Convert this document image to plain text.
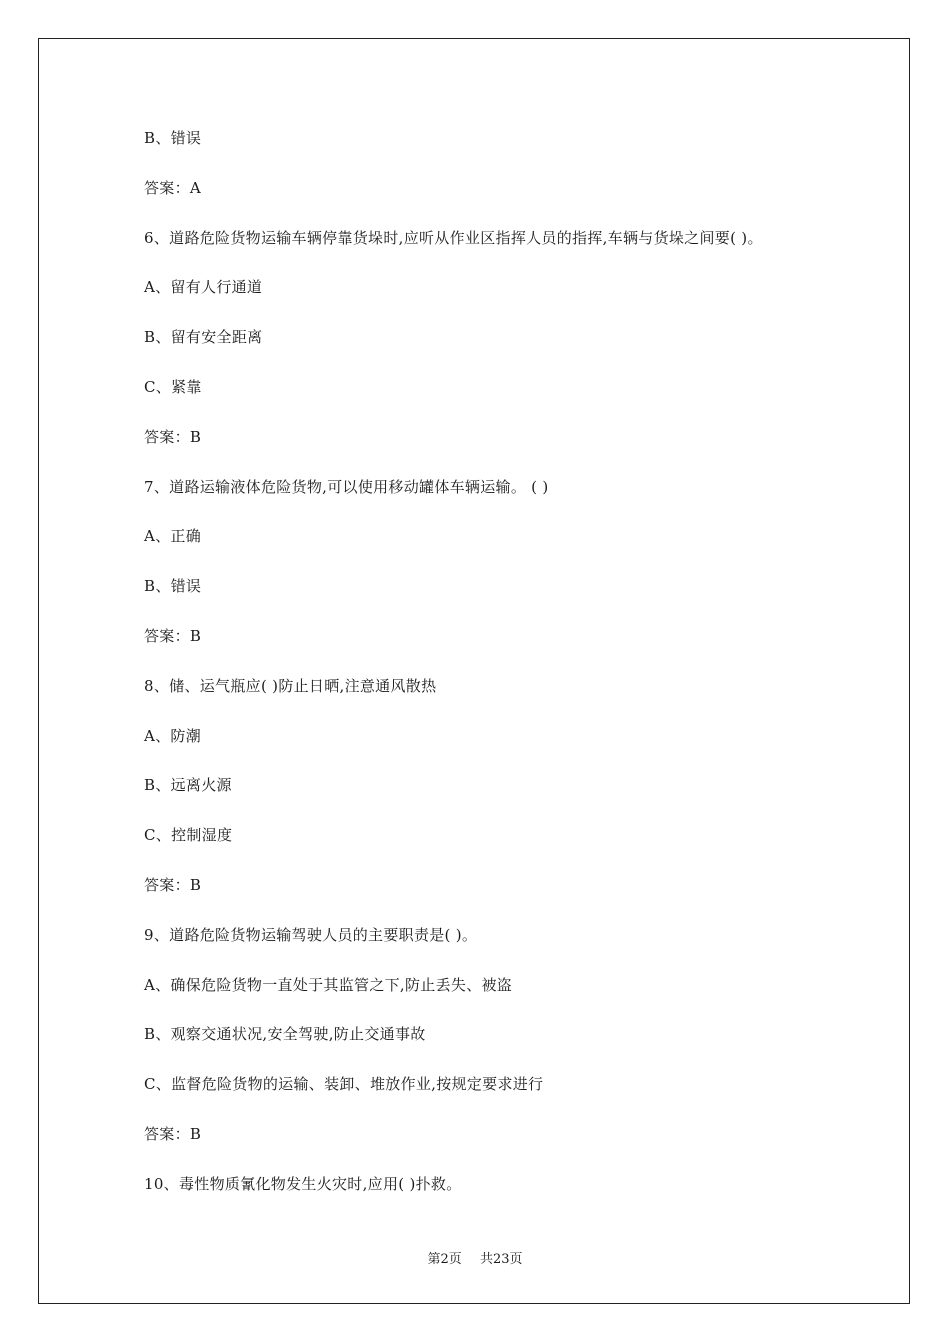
B、错误
答案：A
6、道路危险货物运输车辆停靠货垛时,应听从作业区指挥人员的指挥,车辆与货垛之间要( )。
A、留有人行通道
B、留有安全距离
C、紧靠
答案：B
7、道路运输液体危险货物,可以使用移动罐体车辆运输。 ( )
A、正确
B、错误
答案：B
8、储、运气瓶应( )防止日晒,注意通风散热
A、防潮
B、远离火源
C、控制湿度
答案：B
9、道路危险货物运输驾驶人员的主要职责是( )。
A、确保危险货物一直处于其监管之下,防止丢失、被盗
B、观察交通状况,安全驾驶,防止交通事故
C、监督危险货物的运输、装卸、堆放作业,按规定要求进行
答案：B
10、毒性物质氰化物发生火灾时,应用( )扑救。
第2页 共23页
